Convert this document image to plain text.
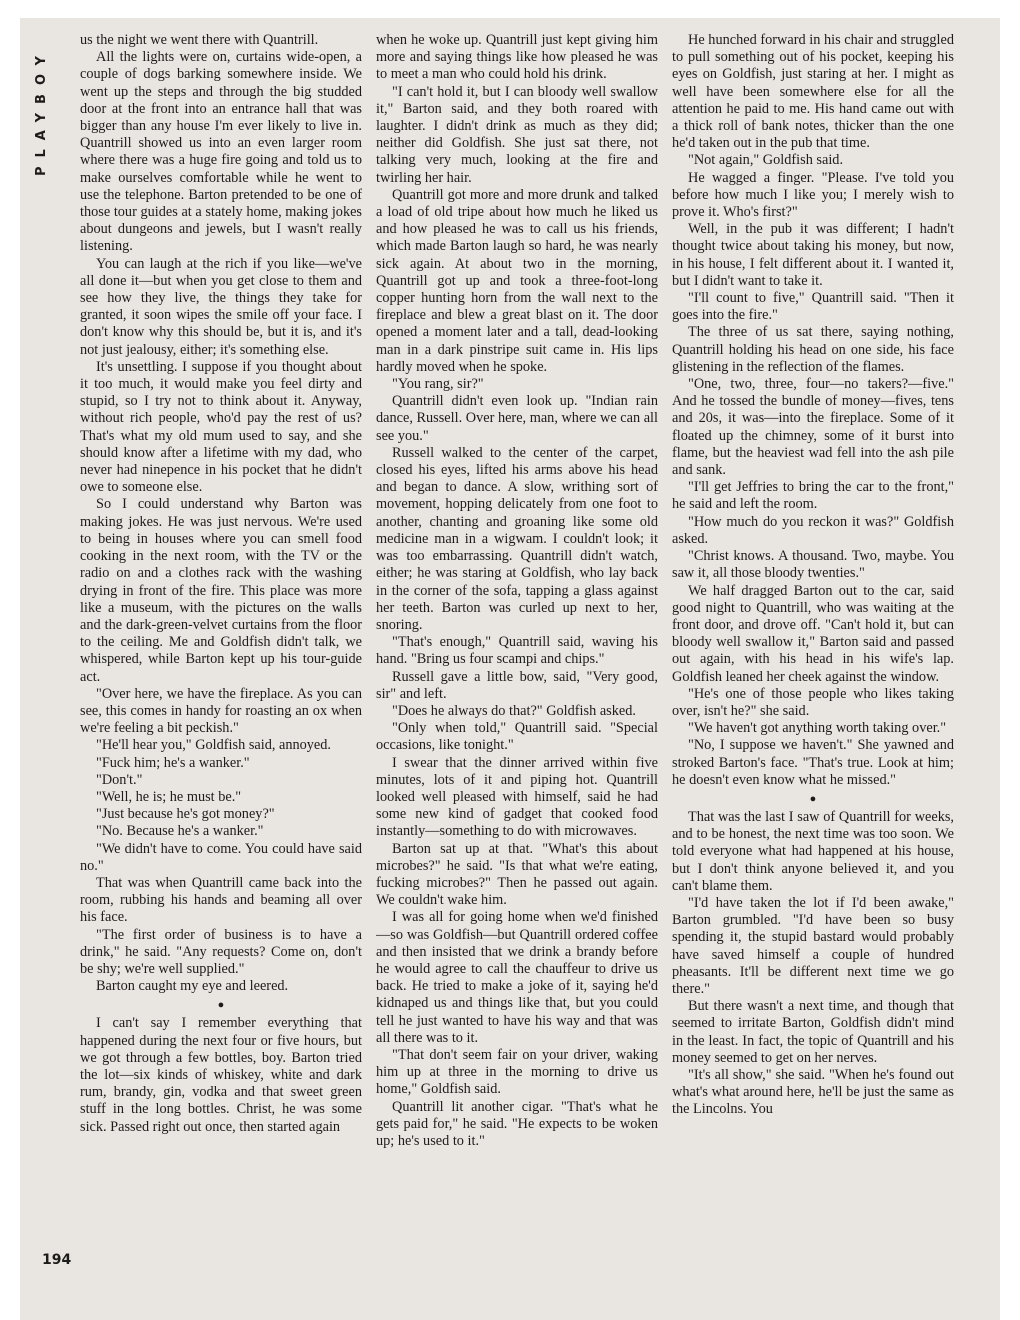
PLAYBOY

us the night we went there with Quantrill.

All the lights were on, curtains wide-open, a couple of dogs barking somewhere inside. We went up the steps and through the big studded door at the front into an entrance hall that was bigger than any house I'm ever likely to live in. Quantrill showed us into an even larger room where there was a huge fire going and told us to make ourselves comfortable while he went to use the telephone. Barton pretended to be one of those tour guides at a stately home, making jokes about dungeons and jewels, but I wasn't really listening.

You can laugh at the rich if you like—we've all done it—but when you get close to them and see how they live, the things they take for granted, it soon wipes the smile off your face. I don't know why this should be, but it is, and it's not just jealousy, either; it's something else.

It's unsettling. I suppose if you thought about it too much, it would make you feel dirty and stupid, so I try not to think about it. Anyway, without rich people, who'd pay the rest of us? That's what my old mum used to say, and she should know after a lifetime with my dad, who never had ninepence in his pocket that he didn't owe to someone else.

So I could understand why Barton was making jokes. He was just nervous. We're used to being in houses where you can smell food cooking in the next room, with the TV or the radio on and a clothes rack with the washing drying in front of the fire. This place was more like a museum, with the pictures on the walls and the dark-green-velvet curtains from the floor to the ceiling. Me and Goldfish didn't talk, we whispered, while Barton kept up his tour-guide act.

"Over here, we have the fireplace. As you can see, this comes in handy for roasting an ox when we're feeling a bit peckish."

"He'll hear you," Goldfish said, annoyed.

"Fuck him; he's a wanker."

"Don't."

"Well, he is; he must be."

"Just because he's got money?"

"No. Because he's a wanker."

"We didn't have to come. You could have said no."

That was when Quantrill came back into the room, rubbing his hands and beaming all over his face.

"The first order of business is to have a drink," he said. "Any requests? Come on, don't be shy; we're well supplied."

Barton caught my eye and leered.

●

I can't say I remember everything that happened during the next four or five hours, but we got through a few bottles, boy. Barton tried the lot—six kinds of whiskey, white and dark rum, brandy, gin, vodka and that sweet green stuff in the long bottles. Christ, he was some sick. Passed right out once, then started again

when he woke up. Quantrill just kept giving him more and saying things like how pleased he was to meet a man who could hold his drink.

"I can't hold it, but I can bloody well swallow it," Barton said, and they both roared with laughter. I didn't drink as much as they did; neither did Goldfish. She just sat there, not talking very much, looking at the fire and twirling her hair.

Quantrill got more and more drunk and talked a load of old tripe about how much he liked us and how pleased he was to call us his friends, which made Barton laugh so hard, he was nearly sick again. At about two in the morning, Quantrill got up and took a three-foot-long copper hunting horn from the wall next to the fireplace and blew a great blast on it. The door opened a moment later and a tall, dead-looking man in a dark pinstripe suit came in. His lips hardly moved when he spoke.

"You rang, sir?"

Quantrill didn't even look up. "Indian rain dance, Russell. Over here, man, where we can all see you."

Russell walked to the center of the carpet, closed his eyes, lifted his arms above his head and began to dance. A slow, writhing sort of movement, hopping delicately from one foot to another, chanting and groaning like some old medicine man in a wigwam. I couldn't look; it was too embarrassing. Quantrill didn't watch, either; he was staring at Goldfish, who lay back in the corner of the sofa, tapping a glass against her teeth. Barton was curled up next to her, snoring.

"That's enough," Quantrill said, waving his hand. "Bring us four scampi and chips."

Russell gave a little bow, said, "Very good, sir" and left.

"Does he always do that?" Goldfish asked.

"Only when told," Quantrill said. "Special occasions, like tonight."

I swear that the dinner arrived within five minutes, lots of it and piping hot. Quantrill looked well pleased with himself, said he had some new kind of gadget that cooked food instantly—something to do with microwaves.

Barton sat up at that. "What's this about microbes?" he said. "Is that what we're eating, fucking microbes?" Then he passed out again. We couldn't wake him.

I was all for going home when we'd finished—so was Goldfish—but Quantrill ordered coffee and then insisted that we drink a brandy before he would agree to call the chauffeur to drive us back. He tried to make a joke of it, saying he'd kidnaped us and things like that, but you could tell he just wanted to have his way and that was all there was to it.

"That don't seem fair on your driver, waking him up at three in the morning to drive us home," Goldfish said.

Quantrill lit another cigar. "That's what he gets paid for," he said. "He expects to be woken up; he's used to it."

He hunched forward in his chair and struggled to pull something out of his pocket, keeping his eyes on Goldfish, just staring at her. I might as well have been somewhere else for all the attention he paid to me. His hand came out with a thick roll of bank notes, thicker than the one he'd taken out in the pub that time.

"Not again," Goldfish said.

He wagged a finger. "Please. I've told you before how much I like you; I merely wish to prove it. Who's first?"

Well, in the pub it was different; I hadn't thought twice about taking his money, but now, in his house, I felt different about it. I wanted it, but I didn't want to take it.

"I'll count to five," Quantrill said. "Then it goes into the fire."

The three of us sat there, saying nothing, Quantrill holding his head on one side, his face glistening in the reflection of the flames.

"One, two, three, four—no takers?—five." And he tossed the bundle of money—fives, tens and 20s, it was—into the fireplace. Some of it floated up the chimney, some of it burst into flame, but the heaviest wad fell into the ash pile and sank.

"I'll get Jeffries to bring the car to the front," he said and left the room.

"How much do you reckon it was?" Goldfish asked.

"Christ knows. A thousand. Two, maybe. You saw it, all those bloody twenties."

We half dragged Barton out to the car, said good night to Quantrill, who was waiting at the front door, and drove off. "Can't hold it, but can bloody well swallow it," Barton said and passed out again, with his head in his wife's lap. Goldfish leaned her cheek against the window.

"He's one of those people who likes taking over, isn't he?" she said.

"We haven't got anything worth taking over."

"No, I suppose we haven't." She yawned and stroked Barton's face. "That's true. Look at him; he doesn't even know what he missed."

●

That was the last I saw of Quantrill for weeks, and to be honest, the next time was too soon. We told everyone what had happened at his house, but I don't think anyone believed it, and you can't blame them.

"I'd have taken the lot if I'd been awake," Barton grumbled. "I'd have been so busy spending it, the stupid bastard would probably have saved himself a couple of hundred pheasants. It'll be different next time we go there."

But there wasn't a next time, and though that seemed to irritate Barton, Goldfish didn't mind in the least. In fact, the topic of Quantrill and his money seemed to get on her nerves.

"It's all show," she said. "When he's found out what's what around here, he'll be just the same as the Lincolns. You

194
